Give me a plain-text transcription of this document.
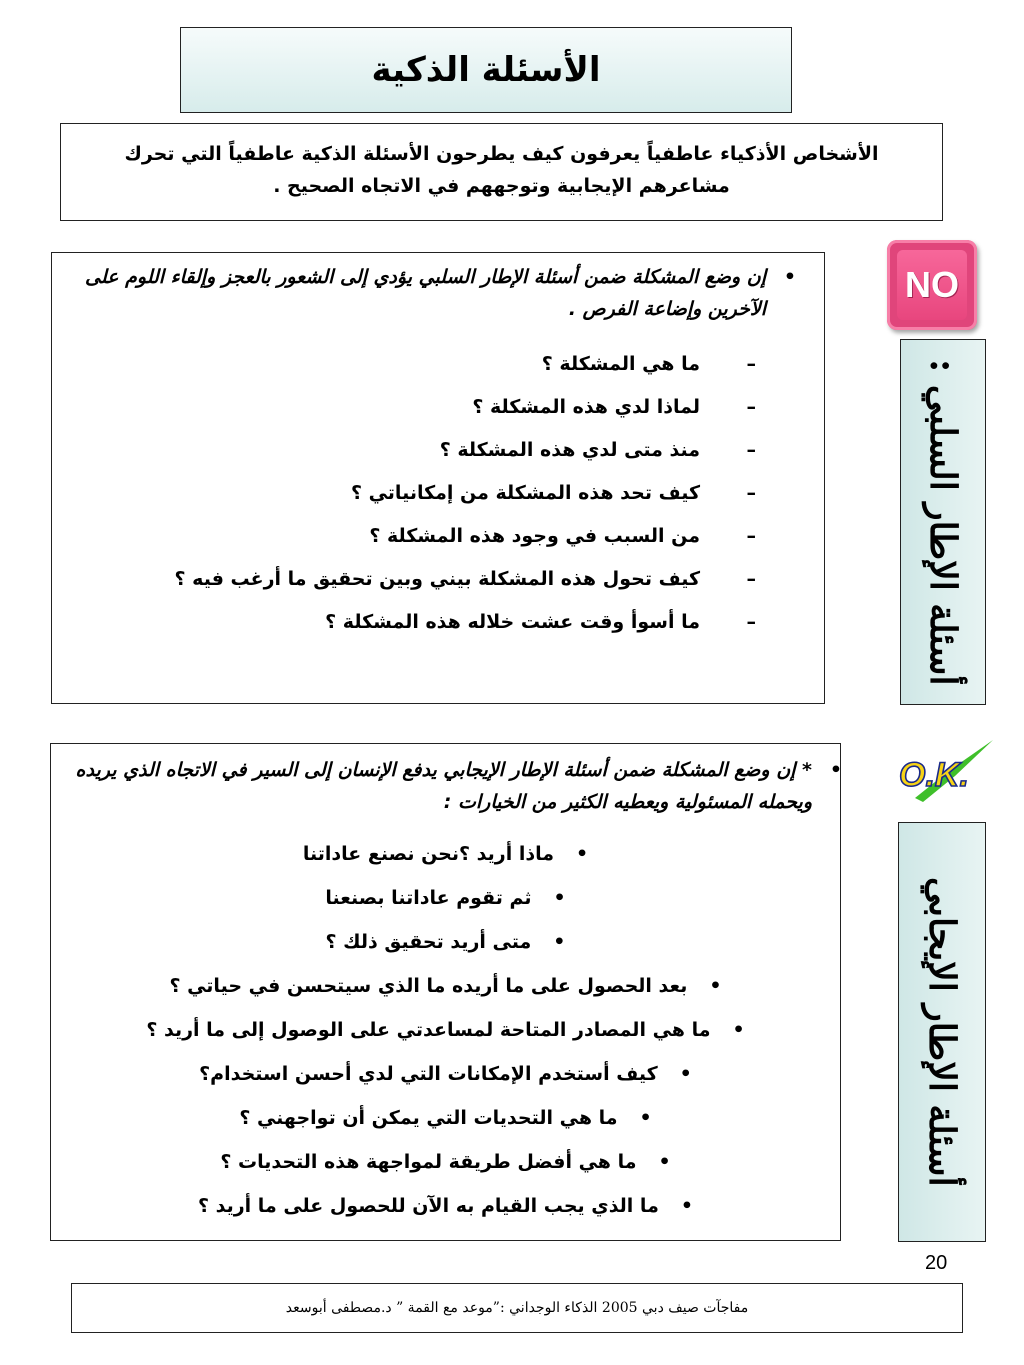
الأسئلة الذكية
الأشخاص الأذكياء عاطفياً يعرفون كيف يطرحون الأسئلة الذكية عاطفياً التي تحرك مشاعرهم الإيجابية وتوجههم في الاتجاه الصحيح .
NO
أسئلة الإطار السلبي :
•
إن وضع المشكلة ضمن أسئلة الإطار السلبي يؤدي إلى الشعور بالعجز وإلقاء اللوم على الآخرين وإضاعة الفرص .
–
ما هي المشكلة ؟
–
لماذا لدي هذه المشكلة ؟
–
منذ متى لدي هذه المشكلة ؟
–
كيف تحد هذه المشكلة من إمكانياتي ؟
–
من السبب في وجود هذه المشكلة ؟
–
كيف تحول هذه المشكلة بيني وبين تحقيق ما أرغب فيه ؟
–
ما أسوأ وقت عشت خلاله هذه المشكلة ؟
O.K.
أسئلة الإطار الإيجابي
•
* إن وضع المشكلة ضمن أسئلة الإطار الإيجابي يدفع الإنسان إلى السير في الاتجاه الذي يريده ويحمله المسئولية ويعطيه الكثير من الخيارات :
•ماذا أريد ؟نحن نصنع عاداتنا
•ثم تقوم عاداتنا بصنعنا
•متى أريد تحقيق ذلك ؟
•بعد الحصول على ما أريده ما الذي سيتحسن في حياتي ؟
•ما هي المصادر المتاحة لمساعدتي على الوصول إلى ما أريد ؟
•كيف أستخدم الإمكانات التي لدي أحسن استخدام؟
•ما هي التحديات التي يمكن أن تواجهني ؟
•ما هي أفضل طريقة لمواجهة هذه التحديات ؟
•ما الذي يجب القيام به الآن للحصول على ما أريد ؟
20
مفاجآت صيف دبي 2005 الذكاء الوجداني :”موعد مع القمة ” د.مصطفى أبوسعد
